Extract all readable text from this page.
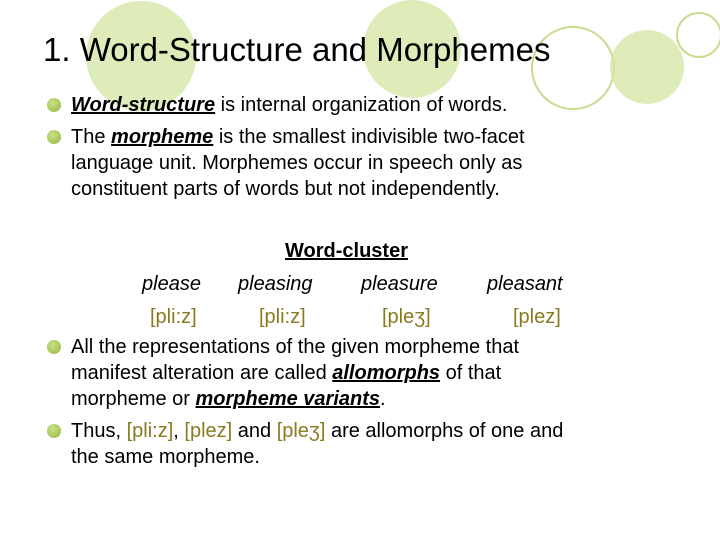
1. Word-Structure and Morphemes
Word-structure is internal organization of words.
The morpheme is the smallest indivisible two-facet
language unit. Morphemes occur in speech only as
constituent parts of words but not independently.
Word-cluster
please pleasing pleasure pleasant
[pli:z]	[pli:z]	[pleʒ]	[plez]
All the representations of the given morpheme that
manifest alteration are called allomorphs of that
morpheme or morpheme variants.
Thus, [pli:z], [plez] and [pleʒ] are allomorphs of one and
the same morpheme.
